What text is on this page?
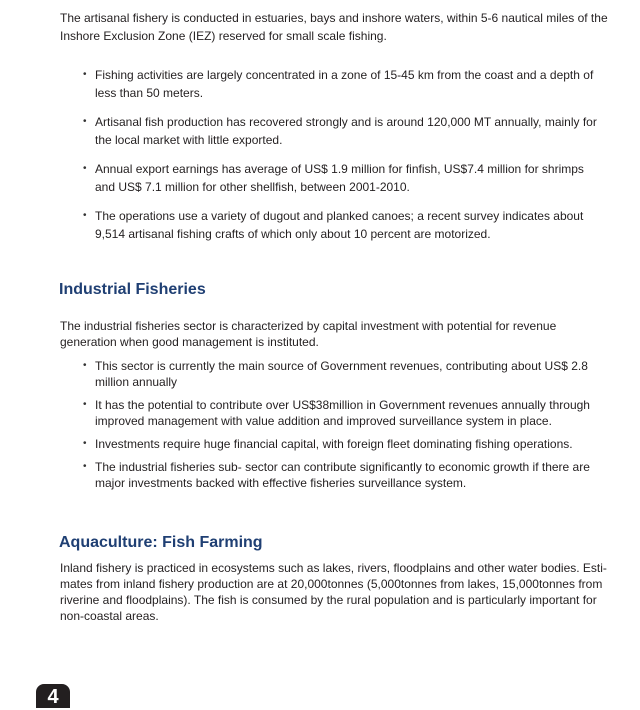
The artisanal fishery is conducted in estuaries, bays and inshore waters, within 5-6 nautical miles of the Inshore Exclusion Zone (IEZ) reserved for small scale fishing.

• Fishing activities are largely concentrated in a zone of 15-45 km from the coast and a depth of less than 50 meters.
• Artisanal fish production has recovered strongly and is around 120,000 MT annually, mainly for the local market with little exported.
• Annual export earnings has average of US$ 1.9 million for finfish, US$7.4 million for shrimps and US$ 7.1 million for other shellfish, between 2001-2010.
• The operations use a variety of dugout and planked canoes; a recent survey indicates about 9,514 artisanal fishing crafts of which only about 10 percent are motorized.
Industrial Fisheries

The industrial fisheries sector is characterized by capital investment with potential for revenue generation when good management is instituted.

• This sector is currently the main source of Government revenues, contributing about US$ 2.8 million annually
• It has the potential to contribute over US$38million in Government revenues annually through improved management with value addition and improved surveillance system in place.
• Investments require huge financial capital, with foreign fleet dominating fishing operations.
• The industrial fisheries sub- sector can contribute significantly to economic growth if there are major investments backed with effective fisheries surveillance system.
Aquaculture: Fish Farming

Inland fishery is practiced in ecosystems such as lakes, rivers, floodplains and other water bodies. Esti-mates from inland fishery production are at 20,000tonnes (5,000tonnes from lakes, 15,000tonnes from riverine and floodplains). The fish is consumed by the rural population and is particularly important for non-coastal areas.

4
